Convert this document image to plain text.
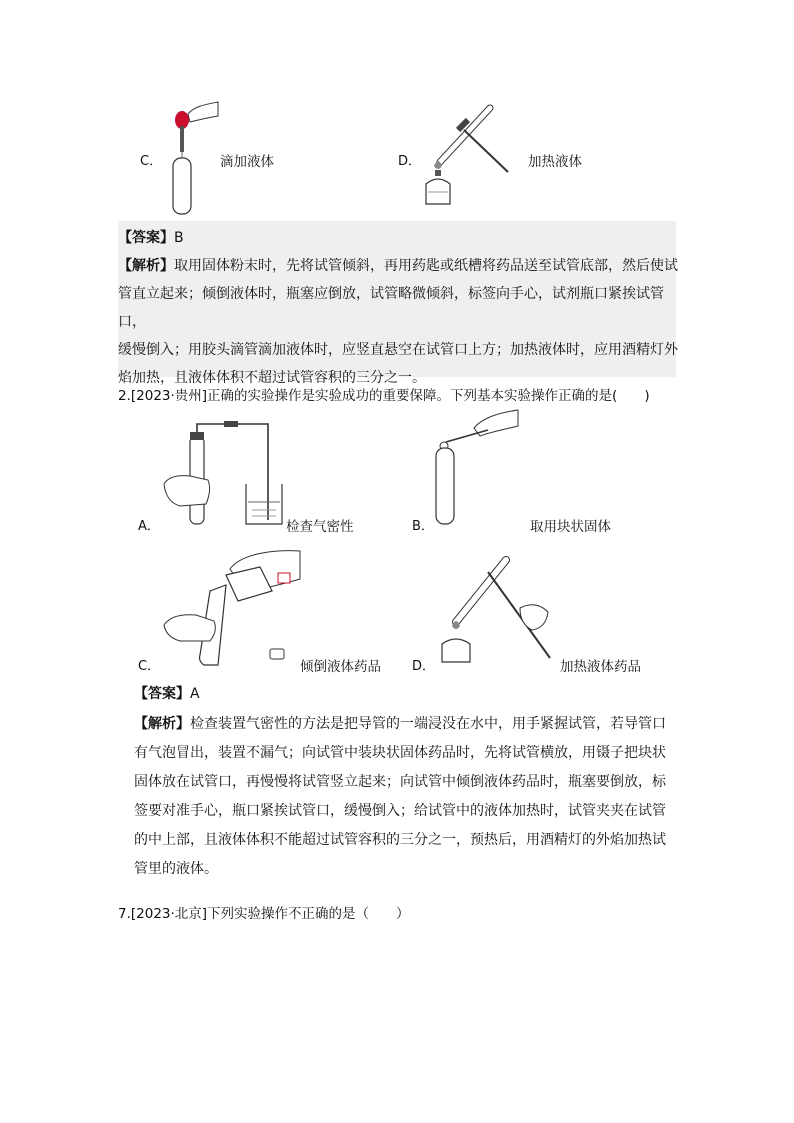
C．	滴加液体	D．	加热液体
【答案】B
【解析】取用固体粉末时，先将试管倾斜，再用药匙或纸槽将药品送至试管底部，然后使试
管直立起来；倾倒液体时，瓶塞应倒放，试管略微倾斜，标签向手心，试剂瓶口紧挨试管口，
缓慢倒入；用胶头滴管滴加液体时，应竖直悬空在试管口上方；加热液体时，应用酒精灯外
焰加热，且液体体积不超过试管容积的三分之一。
2.[2023·贵州]正确的实验操作是实验成功的重要保障。下列基本实验操作正确的是(　　)
A．	检查气密性	B．	取用块状固体
C．	倾倒液体药品 D．	加热液体药品
【答案】A
【解析】检查装置气密性的方法是把导管的一端浸没在水中，用手紧握试管，若导管口
有气泡冒出，装置不漏气；向试管中装块状固体药品时，先将试管横放，用镊子把块状
固体放在试管口，再慢慢将试管竖立起来；向试管中倾倒液体药品时，瓶塞要倒放，标
签要对准手心，瓶口紧挨试管口，缓慢倒入；给试管中的液体加热时，试管夹夹在试管
的中上部，且液体体积不能超过试管容积的三分之一，预热后，用酒精灯的外焰加热试
管里的液体。
7.[2023·北京]下列实验操作不正确的是（　　）
